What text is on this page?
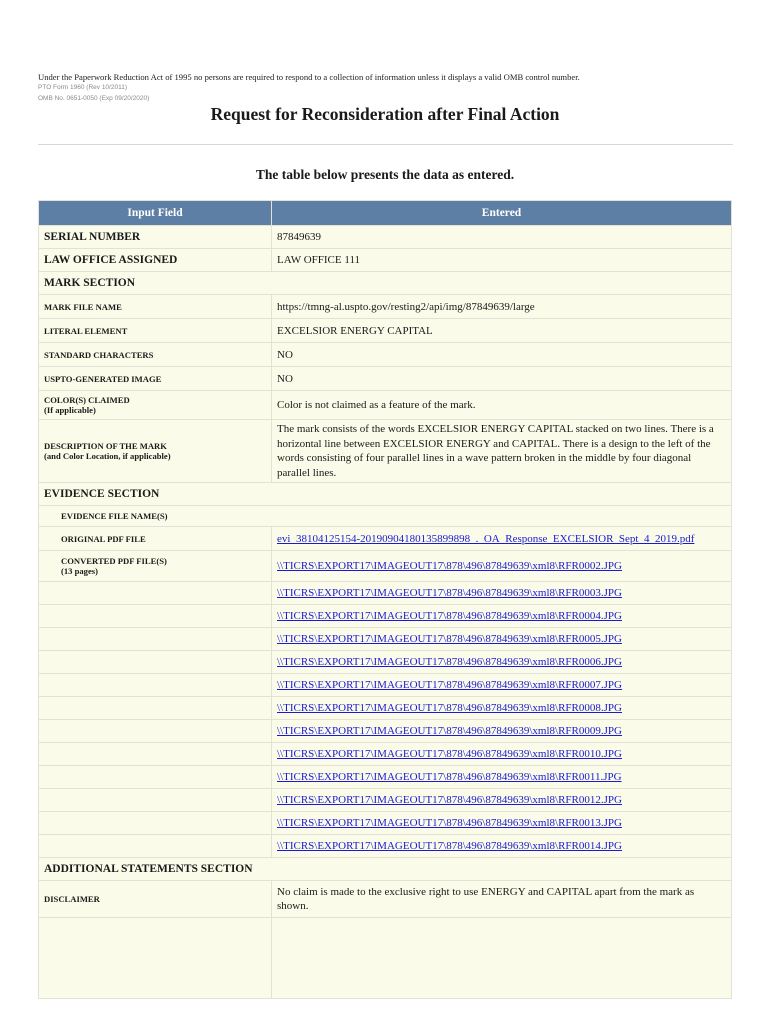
Under the Paperwork Reduction Act of 1995 no persons are required to respond to a collection of information unless it displays a valid OMB control number.
PTO Form 1960 (Rev 10/2011)
OMB No. 0651-0050 (Exp 09/20/2020)
Request for Reconsideration after Final Action
The table below presents the data as entered.
Input Field	Entered
SERIAL NUMBER	87849639
LAW OFFICE ASSIGNED	LAW OFFICE 111
MARK SECTION	
MARK FILE NAME	https://tmng-al.uspto.gov/resting2/api/img/87849639/large
LITERAL ELEMENT	EXCELSIOR ENERGY CAPITAL
STANDARD CHARACTERS	NO
USPTO-GENERATED IMAGE	NO

COLOR(S) CLAIMED
(If applicable)	Color is not claimed as a feature of the mark.

DESCRIPTION OF THE MARK
(and Color Location, if applicable)	The mark consists of the words EXCELSIOR ENERGY CAPITAL stacked on two lines. There is a horizontal line between EXCELSIOR ENERGY and CAPITAL. There is a design to the left of the words consisting of four parallel lines in a wave pattern broken in the middle by four diagonal parallel lines.
EVIDENCE SECTION	
EVIDENCE FILE NAME(S)	
ORIGINAL PDF FILE	evi_38104125154-20190904180135899898_._OA_Response_EXCELSIOR_Sept_4_2019.pdf

CONVERTED PDF FILE(S)
(13 pages)	\\TICRS\EXPORT17\IMAGEOUT17\878\496\87849639\xml8\RFR0002.JPG
	\\TICRS\EXPORT17\IMAGEOUT17\878\496\87849639\xml8\RFR0003.JPG
	\\TICRS\EXPORT17\IMAGEOUT17\878\496\87849639\xml8\RFR0004.JPG
	\\TICRS\EXPORT17\IMAGEOUT17\878\496\87849639\xml8\RFR0005.JPG
	\\TICRS\EXPORT17\IMAGEOUT17\878\496\87849639\xml8\RFR0006.JPG
	\\TICRS\EXPORT17\IMAGEOUT17\878\496\87849639\xml8\RFR0007.JPG
	\\TICRS\EXPORT17\IMAGEOUT17\878\496\87849639\xml8\RFR0008.JPG
	\\TICRS\EXPORT17\IMAGEOUT17\878\496\87849639\xml8\RFR0009.JPG
	\\TICRS\EXPORT17\IMAGEOUT17\878\496\87849639\xml8\RFR0010.JPG
	\\TICRS\EXPORT17\IMAGEOUT17\878\496\87849639\xml8\RFR0011.JPG
	\\TICRS\EXPORT17\IMAGEOUT17\878\496\87849639\xml8\RFR0012.JPG
	\\TICRS\EXPORT17\IMAGEOUT17\878\496\87849639\xml8\RFR0013.JPG
	\\TICRS\EXPORT17\IMAGEOUT17\878\496\87849639\xml8\RFR0014.JPG
ADDITIONAL STATEMENTS SECTION	
DISCLAIMER	No claim is made to the exclusive right to use ENERGY and CAPITAL apart from the mark as shown.
